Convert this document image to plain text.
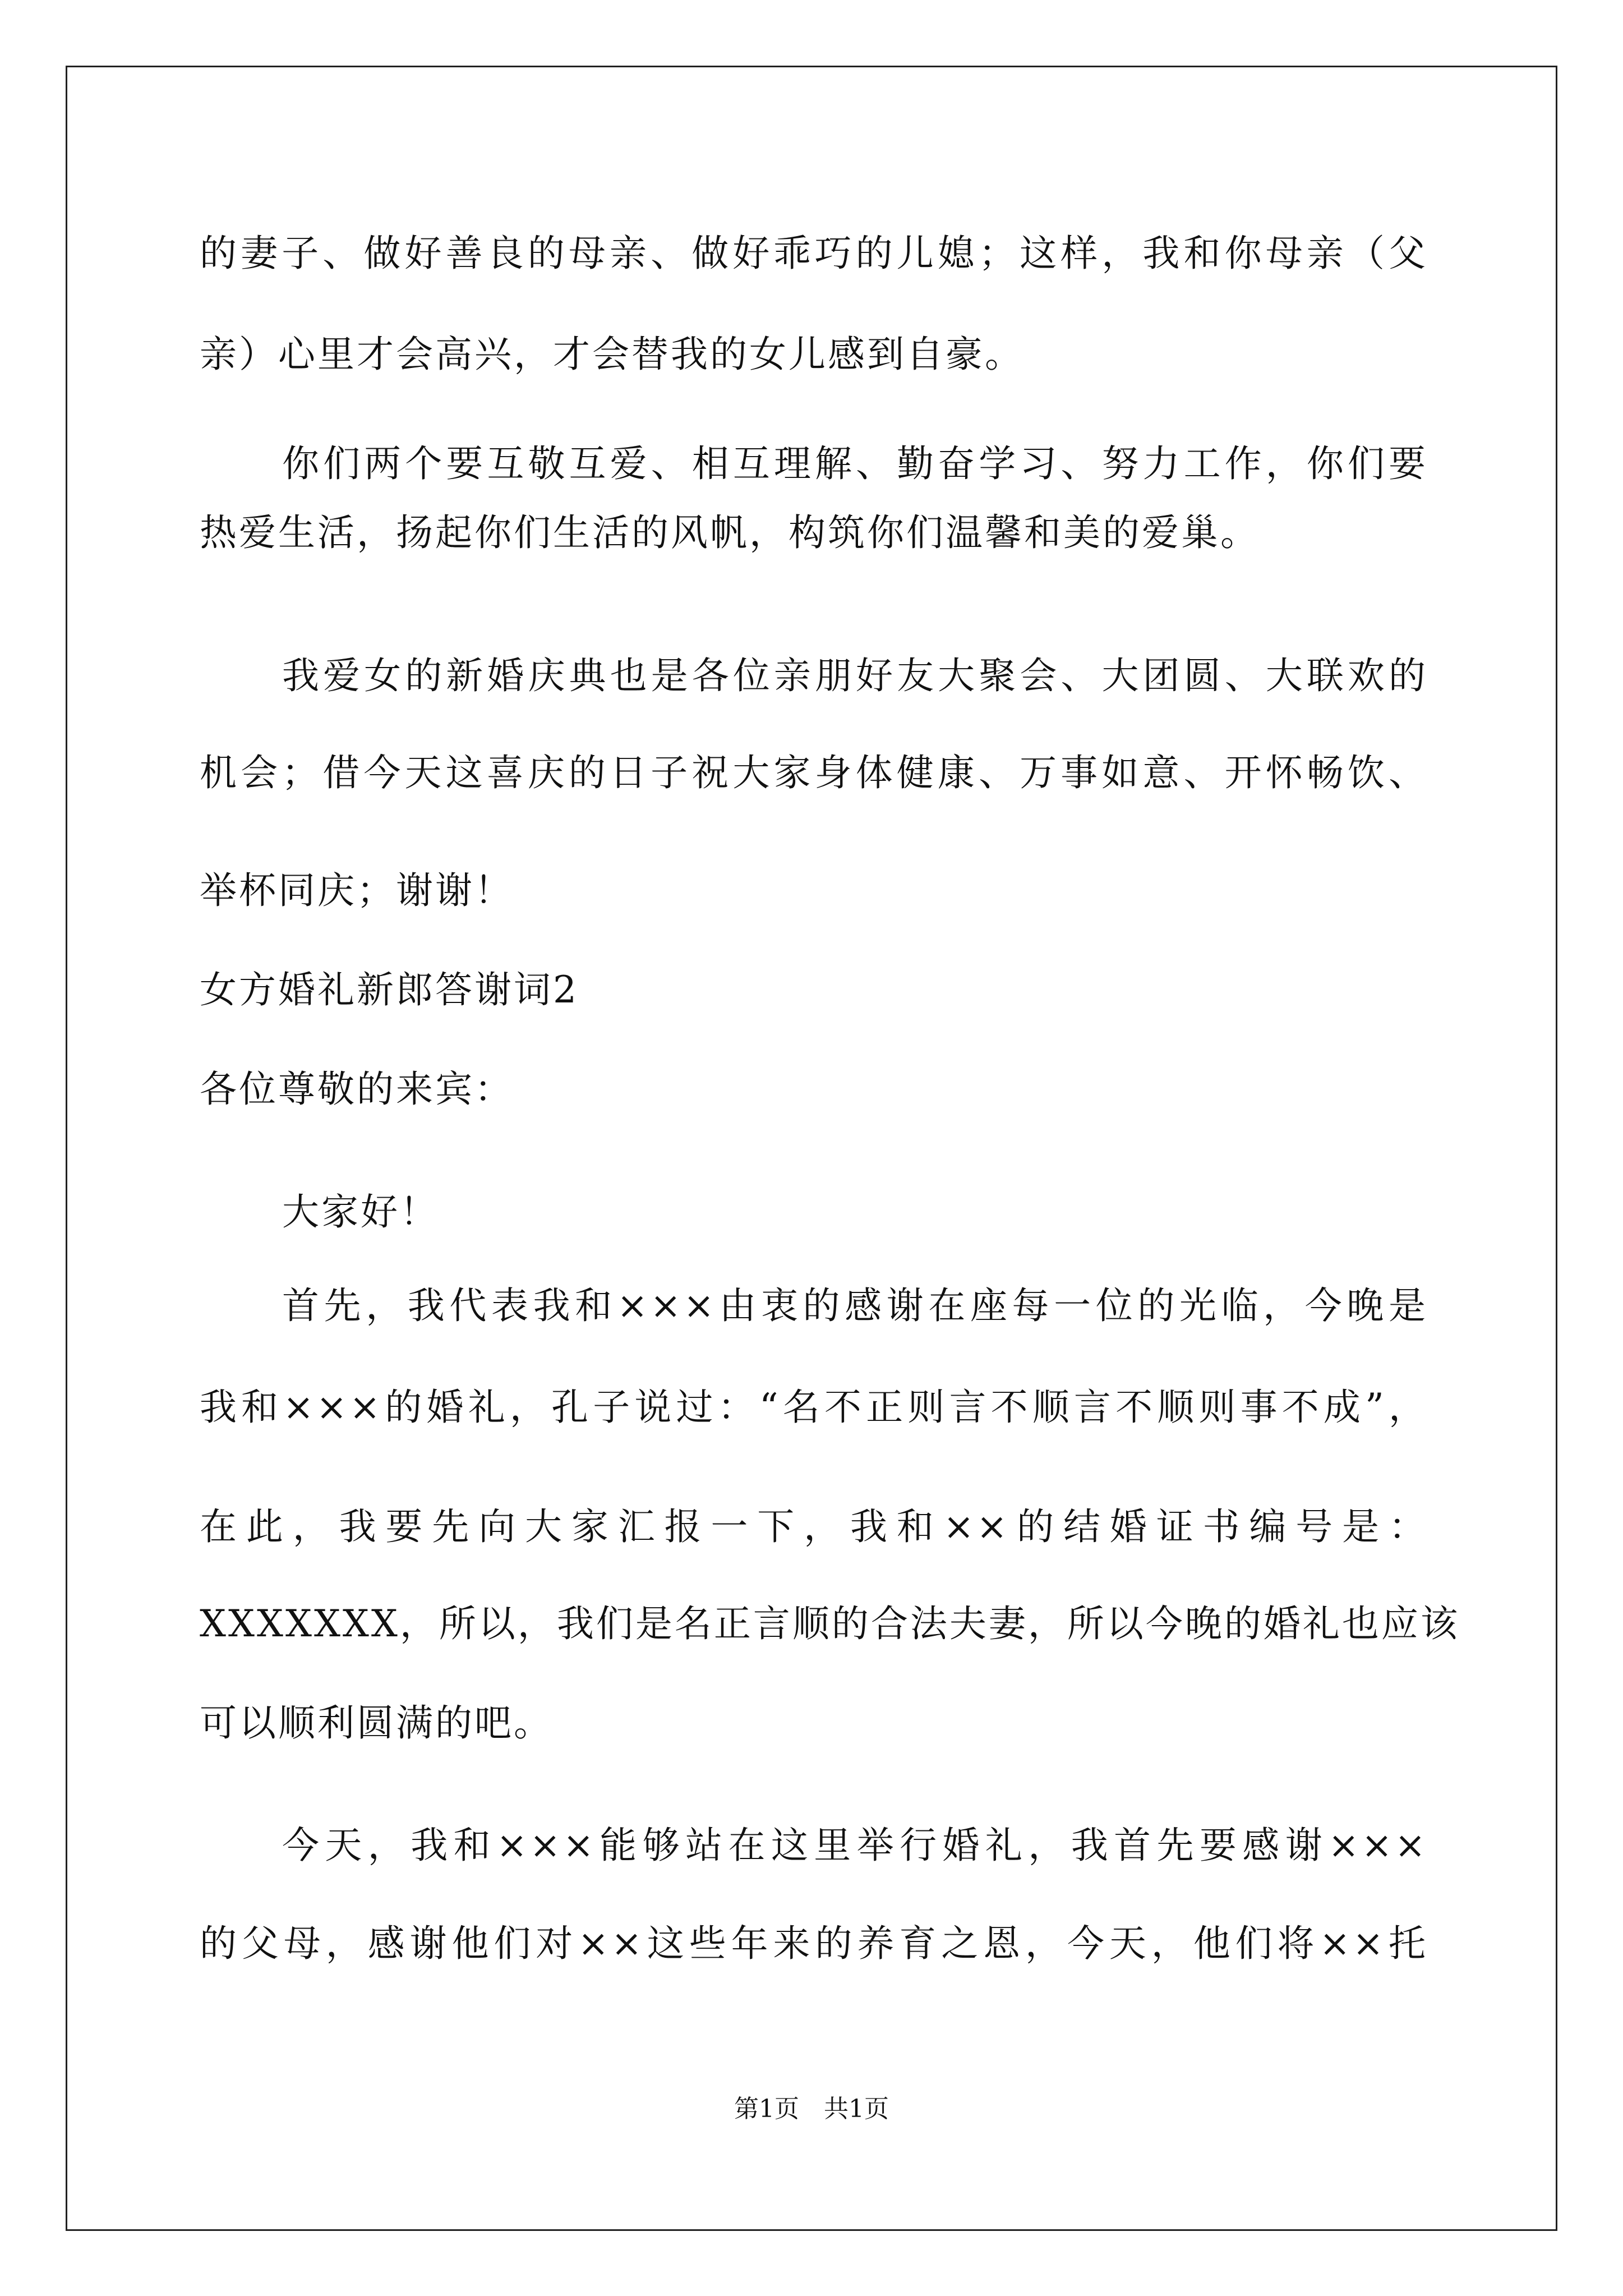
的妻子、做好善良的母亲、做好乖巧的儿媳；这样，我和你母亲（父
亲）心里才会高兴，才会替我的女儿感到自豪。
你们两个要互敬互爱、相互理解、勤奋学习、努力工作，你们要
热爱生活，扬起你们生活的风帆，构筑你们温馨和美的爱巢。
我爱女的新婚庆典也是各位亲朋好友大聚会、大团圆、大联欢的
机会；借今天这喜庆的日子祝大家身体健康、万事如意、开怀畅饮、
举杯同庆；谢谢！
女方婚礼新郎答谢词2
各位尊敬的来宾：
大家好！
首先，我代表我和×××由衷的感谢在座每一位的光临，今晚是
我和×××的婚礼，孔子说过：“名不正则言不顺言不顺则事不成”，
在此，我要先向大家汇报一下，我和××的结婚证书编号是：
XXXXXXX，所以，我们是名正言顺的合法夫妻，所以今晚的婚礼也应该
可以顺利圆满的吧。
今天，我和×××能够站在这里举行婚礼，我首先要感谢×××
的父母，感谢他们对××这些年来的养育之恩，今天，他们将××托
第1页　共1页
